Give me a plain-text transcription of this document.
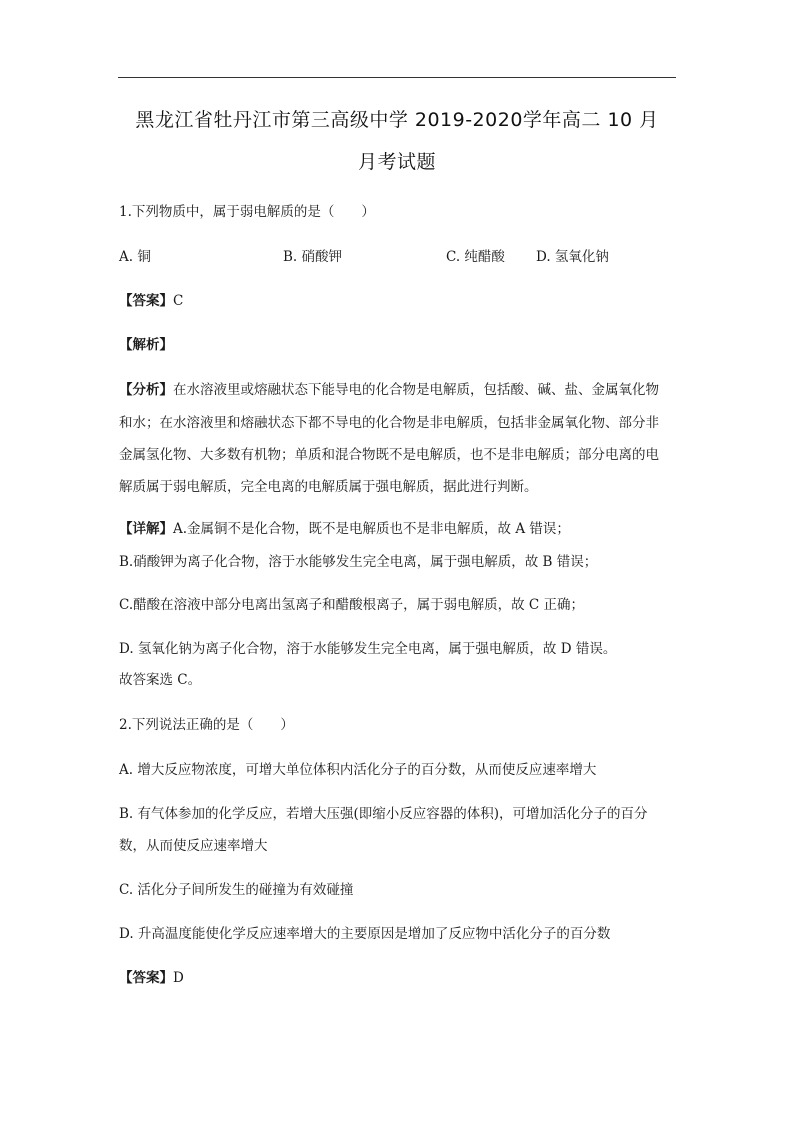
黑龙江省牡丹江市第三高级中学 2019-2020学年高二 10 月
月考试题
1.下列物质中，属于弱电解质的是（　　）
A. 铜	B. 硝酸钾	C. 纯醋酸 D. 氢氧化钠
【答案】C
【解析】
【分析】在水溶液里或熔融状态下能导电的化合物是电解质，包括酸、碱、盐、金属氧化物
和水；在水溶液里和熔融状态下都不导电的化合物是非电解质，包括非金属氧化物、部分非
金属氢化物、大多数有机物；单质和混合物既不是电解质，也不是非电解质；部分电离的电
解质属于弱电解质，完全电离的电解质属于强电解质，据此进行判断。
【详解】A.金属铜不是化合物，既不是电解质也不是非电解质，故 A 错误；
B.硝酸钾为离子化合物，溶于水能够发生完全电离，属于强电解质，故 B 错误；
C.醋酸在溶液中部分电离出氢离子和醋酸根离子，属于弱电解质，故 C 正确；
D. 氢氧化钠为离子化合物，溶于水能够发生完全电离，属于强电解质，故 D 错误。
故答案选 C。
2.下列说法正确的是（　　）
A. 增大反应物浓度，可增大单位体积内活化分子的百分数，从而使反应速率增大
B. 有气体参加的化学反应，若增大压强(即缩小反应容器的体积)，可增加活化分子的百分
数，从而使反应速率增大
C. 活化分子间所发生的碰撞为有效碰撞
D. 升高温度能使化学反应速率增大的主要原因是增加了反应物中活化分子的百分数
【答案】D
